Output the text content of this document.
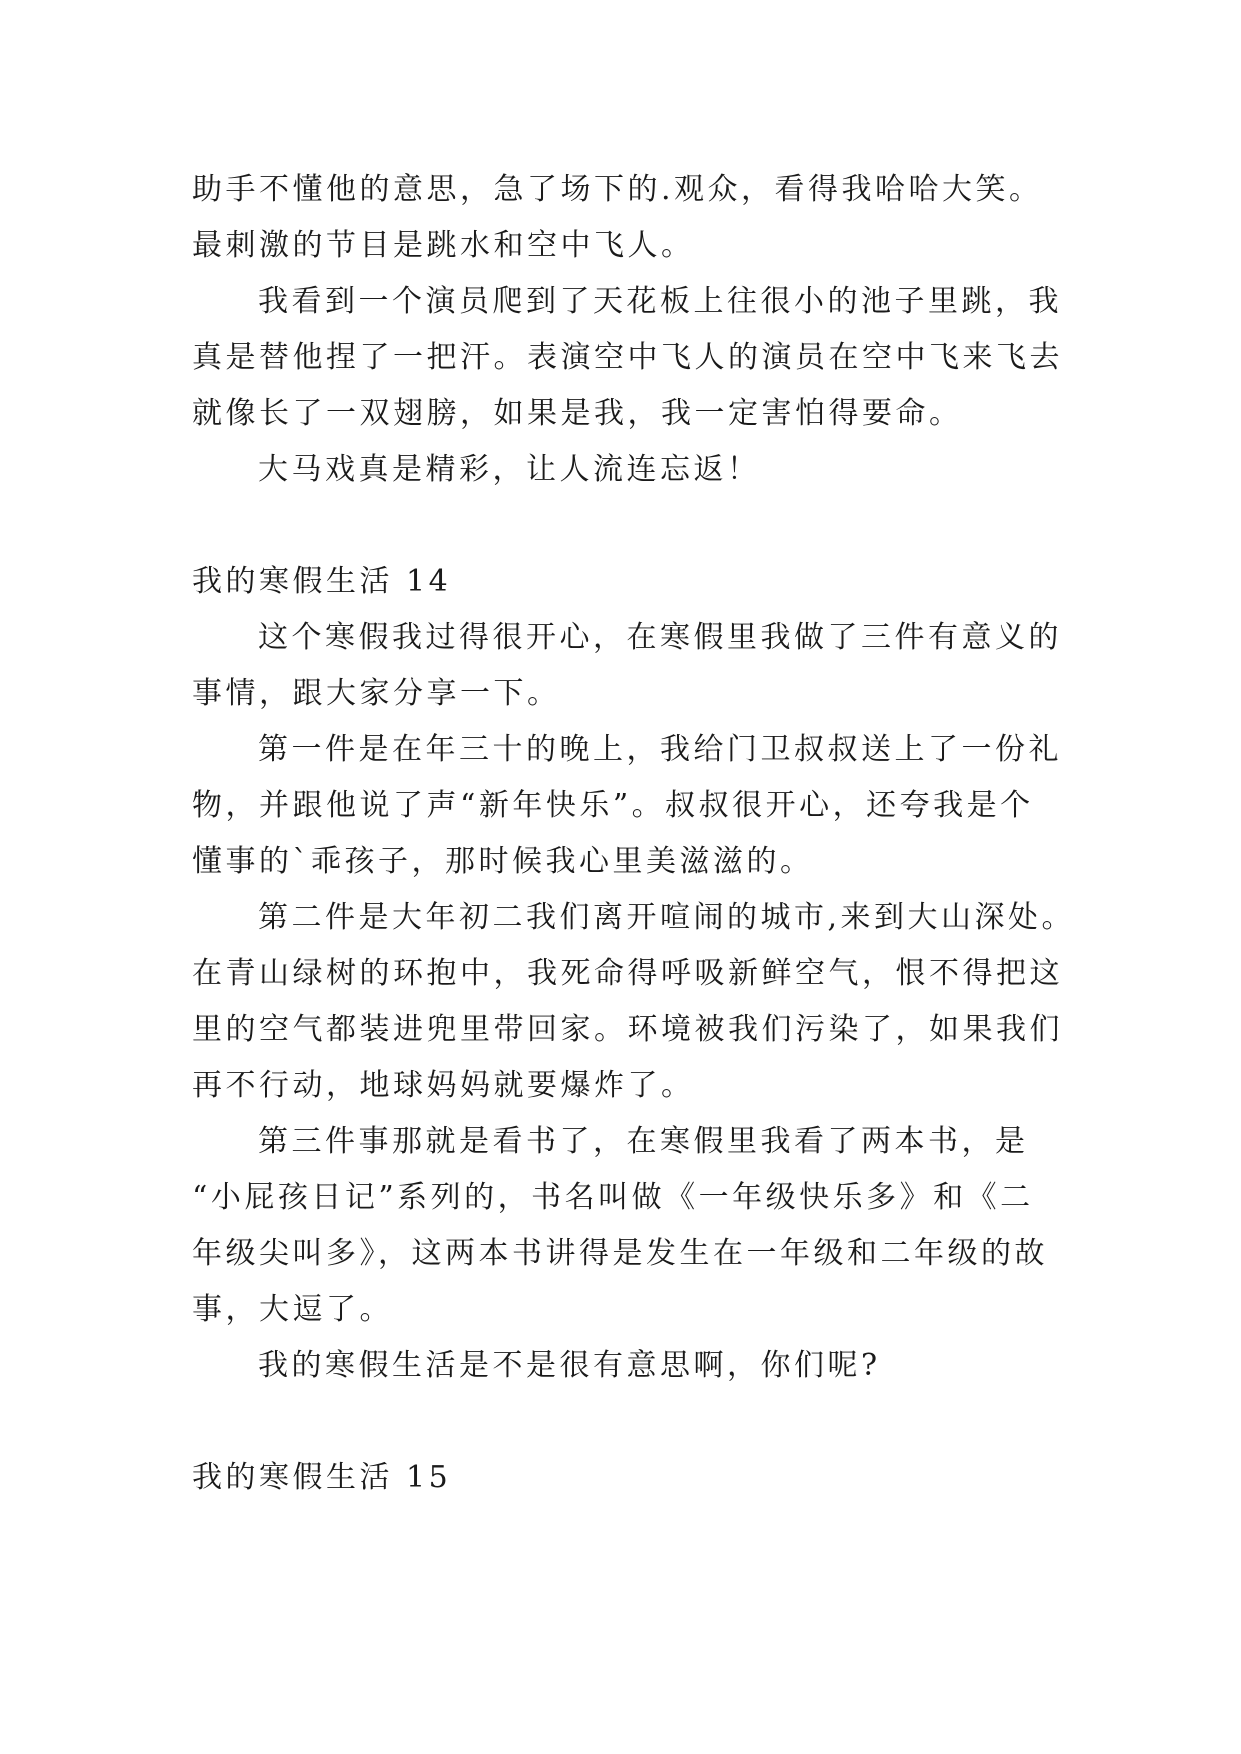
助手不懂他的意思，急了场下的.观众，看得我哈哈大笑。
最刺激的节目是跳水和空中飞人。
我看到一个演员爬到了天花板上往很小的池子里跳，我
真是替他捏了一把汗。表演空中飞人的演员在空中飞来飞去
就像长了一双翅膀，如果是我，我一定害怕得要命。
大马戏真是精彩，让人流连忘返！
我的寒假生活 14
这个寒假我过得很开心，在寒假里我做了三件有意义的
事情，跟大家分享一下。
第一件是在年三十的晚上，我给门卫叔叔送上了一份礼
物，并跟他说了声“新年快乐”。叔叔很开心，还夸我是个
懂事的`乖孩子，那时候我心里美滋滋的。
第二件是大年初二我们离开喧闹的城市,来到大山深处。
在青山绿树的环抱中，我死命得呼吸新鲜空气，恨不得把这
里的空气都装进兜里带回家。环境被我们污染了，如果我们
再不行动，地球妈妈就要爆炸了。
第三件事那就是看书了，在寒假里我看了两本书，是
“小屁孩日记”系列的，书名叫做《一年级快乐多》和《二
年级尖叫多》，这两本书讲得是发生在一年级和二年级的故
事，大逗了。
我的寒假生活是不是很有意思啊，你们呢?
我的寒假生活 15
